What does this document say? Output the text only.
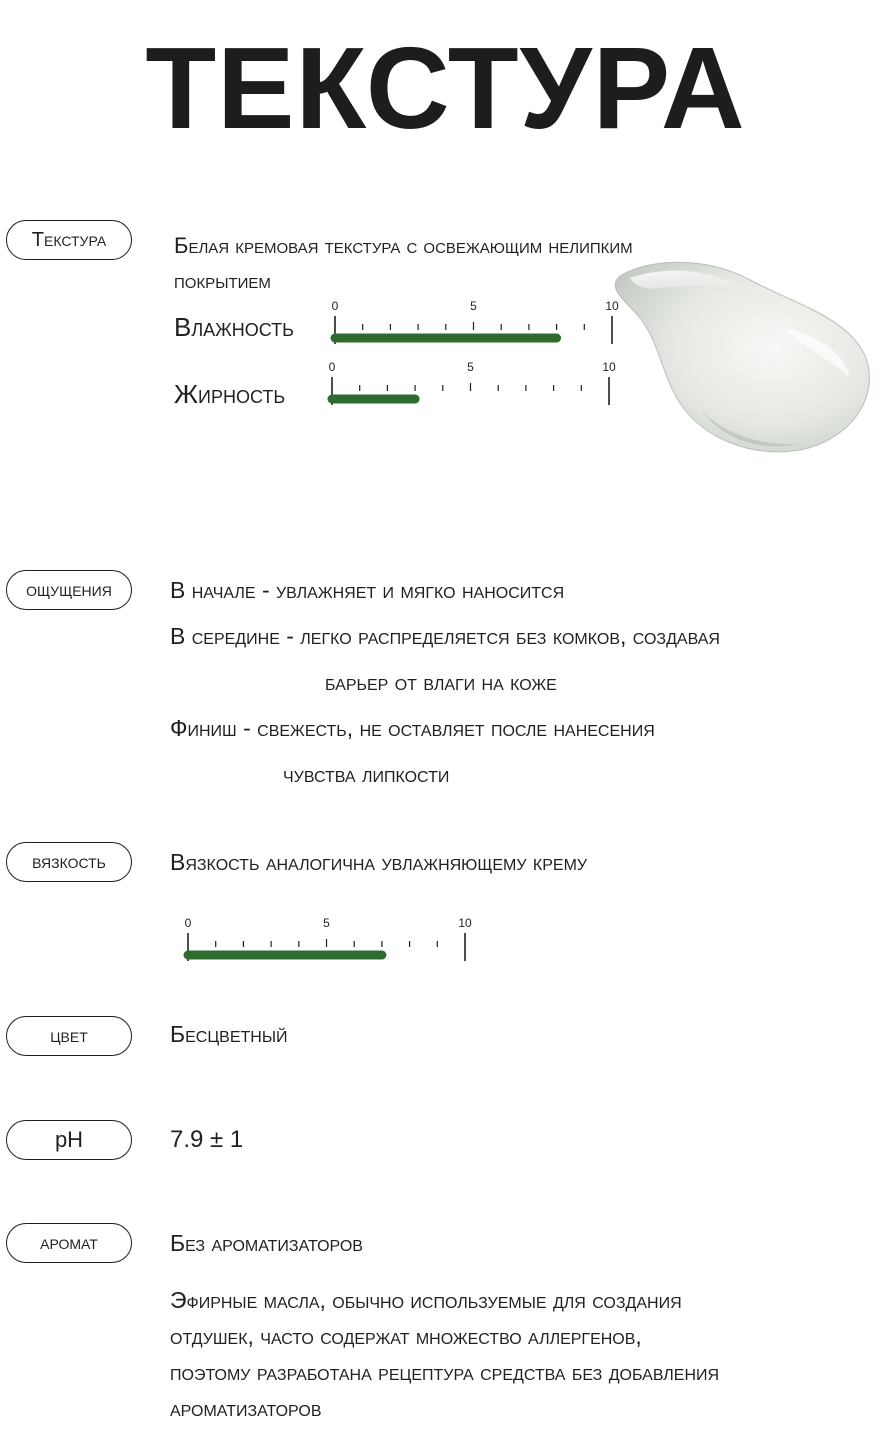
ТЕКСТУРА
Текстура	Белая кремовая текстура с освежающим нелипким
покрытием
Влажность
0	5	10
Жирность
0	5	10
ощущения	В начале - увлажняет и мягко наносится
В середине - легко распределяется без комков, создавая
барьер от влаги на коже
Финиш - свежесть, не оставляет после нанесения
чувства липкости
вязкость	Вязкость аналогична увлажняющему крему
0	5	10
цвет	Бесцветный
pH	7.9 ± 1
аромат	Без ароматизаторов
Эфирные масла, обычно используемые для создания
отдушек, часто содержат множество аллергенов,
поэтому разработана рецептура средства без добавления
ароматизаторов
